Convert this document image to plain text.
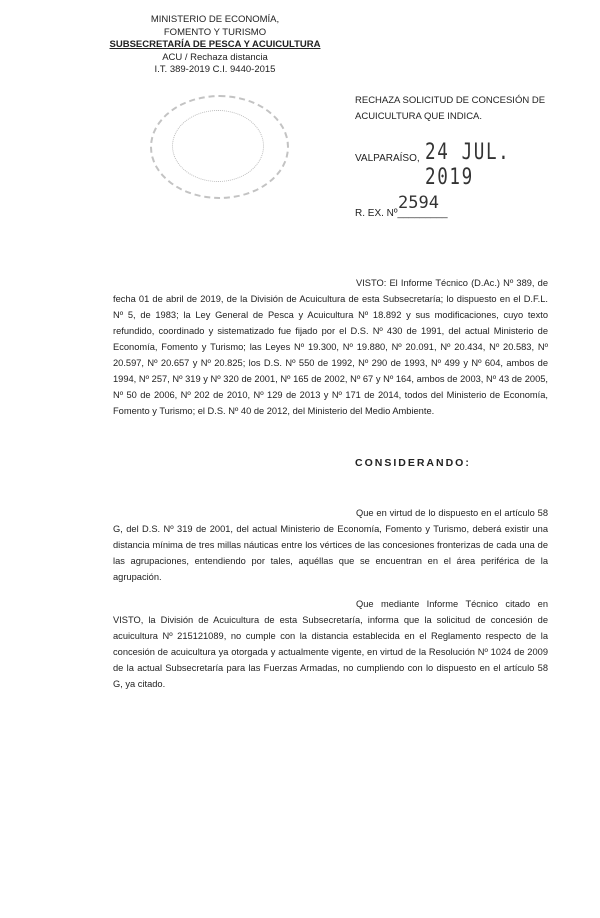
MINISTERIO DE ECONOMÍA,
FOMENTO Y TURISMO
SUBSECRETARÍA DE PESCA Y ACUICULTURA
ACU / Rechaza distancia
I.T. 389-2019 C.I. 9440-2015
RECHAZA SOLICITUD DE CONCESIÓN DE ACUICULTURA QUE INDICA.
VALPARAÍSO, 24 JUL. 2019
2594
R. EX. Nº_________
VISTO: El Informe Técnico (D.Ac.) Nº 389, de fecha 01 de abril de 2019, de la División de Acuicultura de esta Subsecretaría; lo dispuesto en el D.F.L. Nº 5, de 1983; la Ley General de Pesca y Acuicultura Nº 18.892 y sus modificaciones, cuyo texto refundido, coordinado y sistematizado fue fijado por el D.S. Nº 430 de 1991, del actual Ministerio de Economía, Fomento y Turismo; las Leyes Nº 19.300, Nº 19.880, Nº 20.091, Nº 20.434, Nº 20.583, Nº 20.597, Nº 20.657 y Nº 20.825; los D.S. Nº 550 de 1992, Nº 290 de 1993, Nº 499 y Nº 604, ambos de 1994, Nº 257, Nº 319 y Nº 320 de 2001, Nº 165 de 2002, Nº 67 y Nº 164, ambos de 2003, Nº 43 de 2005, Nº 50 de 2006, Nº 202 de 2010, Nº 129 de 2013 y Nº 171 de 2014, todos del Ministerio de Economía, Fomento y Turismo; el D.S. Nº 40 de 2012, del Ministerio del Medio Ambiente.
CONSIDERANDO:
Que en virtud de lo dispuesto en el artículo 58 G, del D.S. Nº 319 de 2001, del actual Ministerio de Economía, Fomento y Turismo, deberá existir una distancia mínima de tres millas náuticas entre los vértices de las concesiones fronterizas de cada una de las agrupaciones, entendiendo por tales, aquéllas que se encuentran en el área periférica de la agrupación.
Que mediante Informe Técnico citado en VISTO, la División de Acuicultura de esta Subsecretaría, informa que la solicitud de concesión de acuicultura Nº 215121089, no cumple con la distancia establecida en el Reglamento respecto de la concesión de acuicultura ya otorgada y actualmente vigente, en virtud de la Resolución Nº 1024 de 2009 de la actual Subsecretaría para las Fuerzas Armadas, no cumpliendo con lo dispuesto en el artículo 58 G, ya citado.
